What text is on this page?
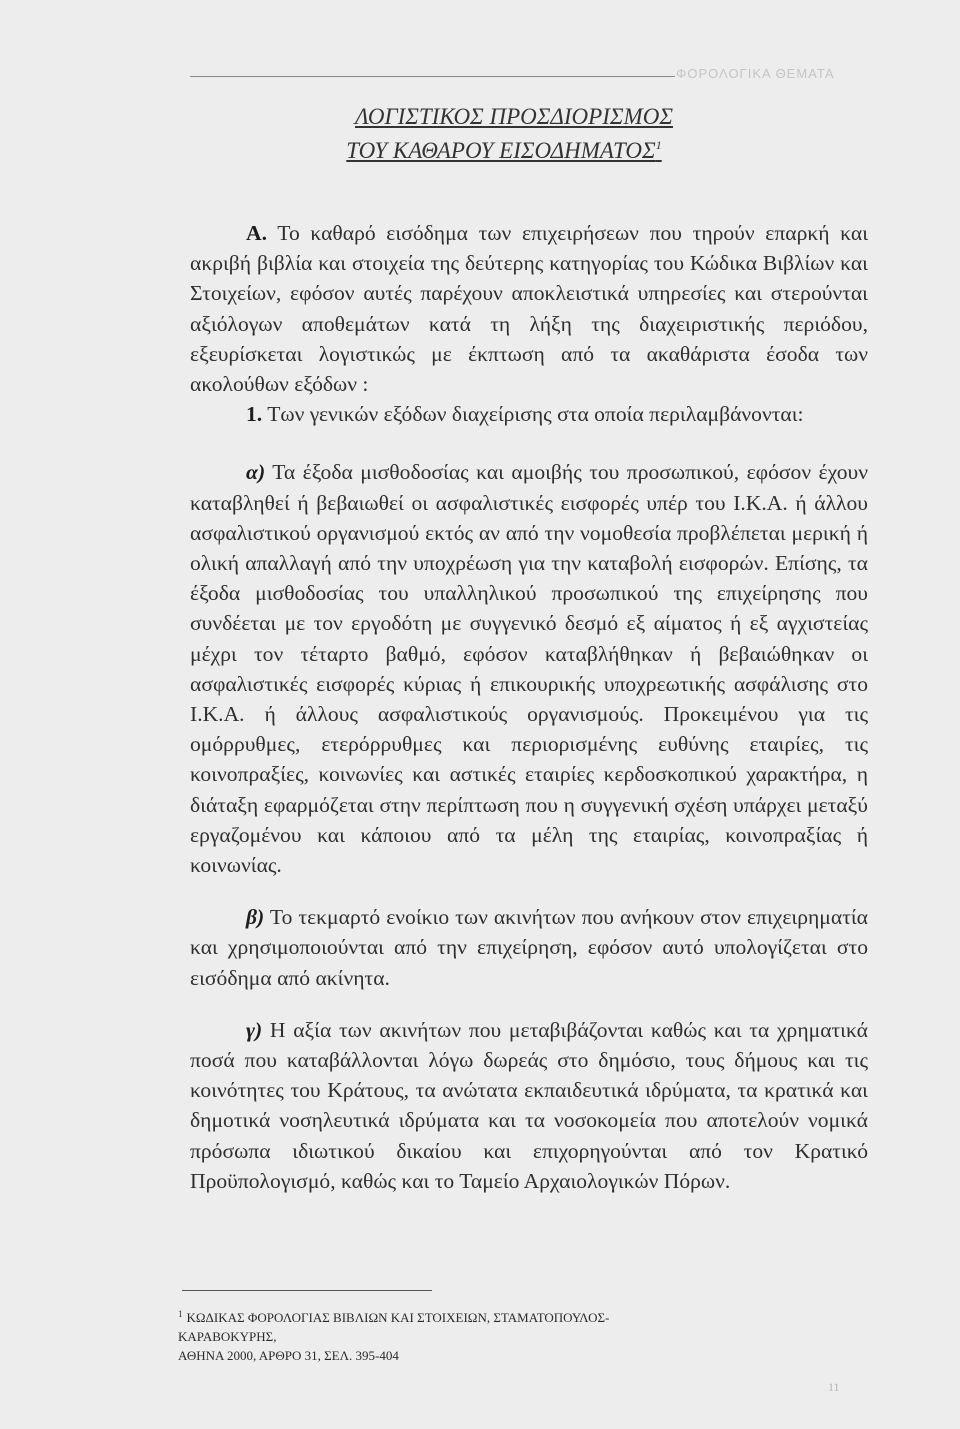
ΦΟΡΟΛΟΓΙΚΑ ΘΕΜΑΤΑ
ΛΟΓΙΣΤΙΚΟΣ ΠΡΟΣΔΙΟΡΙΣΜΟΣ
ΤΟΥ ΚΑΘΑΡΟΥ ΕΙΣΟΔΗΜΑΤΟΣ$^1$

Α. Το καθαρό εισόδημα των επιχειρήσεων που τηρούν επαρκή και ακριβή βιβλία και στοιχεία της δεύτερης κατηγορίας του Κώδικα Βιβλίων και Στοιχείων, εφόσον αυτές παρέχουν αποκλειστικά υπηρεσίες και στερούνται αξιόλογων αποθεμάτων κατά τη λήξη της διαχειριστικής περιόδου, εξευρίσκεται λογιστικώς με έκπτωση από τα ακαθάριστα έσοδα των ακολούθων εξόδων :

1. Των γενικών εξόδων διαχείρισης στα οποία περιλαμβάνονται:

α) Τα έξοδα μισθοδοσίας και αμοιβής του προσωπικού, εφόσον έχουν καταβληθεί ή βεβαιωθεί οι ασφαλιστικές εισφορές υπέρ του Ι.Κ.Α. ή άλλου ασφαλιστικού οργανισμού εκτός αν από την νομοθεσία προβλέπεται μερική ή ολική απαλλαγή από την υποχρέωση για την καταβολή εισφορών. Επίσης, τα έξοδα μισθοδοσίας του υπαλληλικού προσωπικού της επιχείρησης που συνδέεται με τον εργοδότη με συγγενικό δεσμό εξ αίματος ή εξ αγχιστείας μέχρι τον τέταρτο βαθμό, εφόσον καταβλήθηκαν ή βεβαιώθηκαν οι ασφαλιστικές εισφορές κύριας ή επικουρικής υποχρεωτικής ασφάλισης στο Ι.Κ.Α. ή άλλους ασφαλιστικούς οργανισμούς. Προκειμένου για τις ομόρρυθμες, ετερόρρυθμες και περιορισμένης ευθύνης εταιρίες, τις κοινοπραξίες, κοινωνίες και αστικές εταιρίες κερδοσκοπικού χαρακτήρα, η διάταξη εφαρμόζεται στην περίπτωση που η συγγενική σχέση υπάρχει μεταξύ εργαζομένου και κάποιου από τα μέλη της εταιρίας, κοινοπραξίας ή κοινωνίας.

β) Το τεκμαρτό ενοίκιο των ακινήτων που ανήκουν στον επιχειρηματία και χρησιμοποιούνται από την επιχείρηση, εφόσον αυτό υπολογίζεται στο εισόδημα από ακίνητα.

γ) Η αξία των ακινήτων που μεταβιβάζονται καθώς και τα χρηματικά ποσά που καταβάλλονται λόγω δωρεάς στο δημόσιο, τους δήμους και τις κοινότητες του Κράτους, τα ανώτατα εκπαιδευτικά ιδρύματα, τα κρατικά και δημοτικά νοσηλευτικά ιδρύματα και τα νοσοκομεία που αποτελούν νομικά πρόσωπα ιδιωτικού δικαίου και επιχορηγούνται από τον Κρατικό Προϋπολογισμό, καθώς και το Ταμείο Αρχαιολογικών Πόρων.

$^1$ ΚΩΔΙΚΑΣ ΦΟΡΟΛΟΓΙΑΣ ΒΙΒΛΙΩΝ ΚΑΙ ΣΤΟΙΧΕΙΩΝ, ΣΤΑΜΑΤΟΠΟΥΛΟΣ-
ΚΑΡΑΒΟΚΥΡΗΣ,
ΑΘΗΝΑ 2000, ΑΡΘΡΟ 31, ΣΕΛ. 395-404
11
